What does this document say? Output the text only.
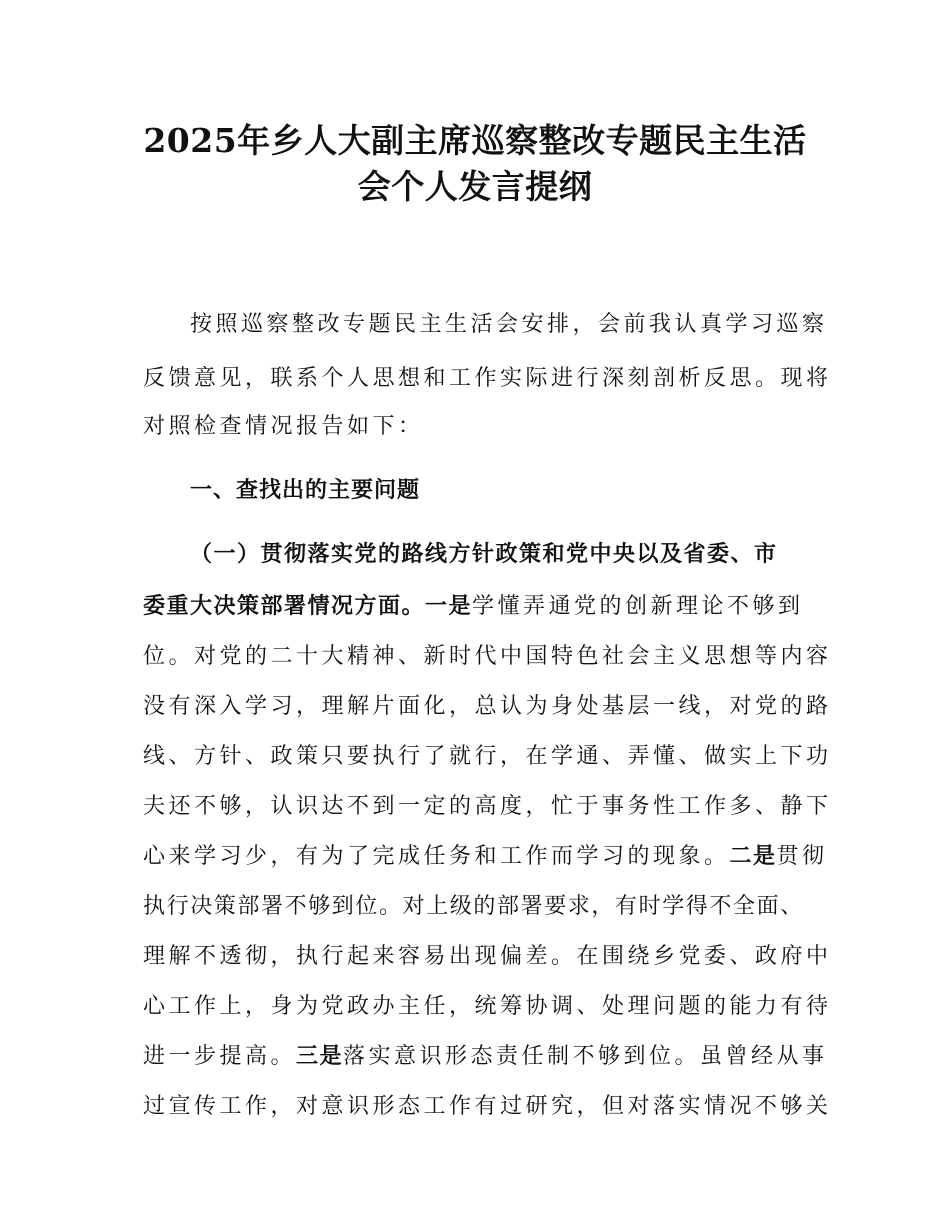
2025年乡人大副主席巡察整改专题民主生活
会个人发言提纲
按照巡察整改专题民主生活会安排，会前我认真学习巡察
反馈意见，联系个人思想和工作实际进行深刻剖析反思。现将
对照检查情况报告如下：
一、查找出的主要问题
（一）贯彻落实党的路线方针政策和党中央以及省委、市
委重大决策部署情况方面。一是学懂弄通党的创新理论不够到
位。对党的二十大精神、新时代中国特色社会主义思想等内容
没有深入学习，理解片面化，总认为身处基层一线，对党的路
线、方针、政策只要执行了就行，在学通、弄懂、做实上下功
夫还不够，认识达不到一定的高度，忙于事务性工作多、静下
心来学习少，有为了完成任务和工作而学习的现象。二是贯彻
执行决策部署不够到位。对上级的部署要求，有时学得不全面、
理解不透彻，执行起来容易出现偏差。在围绕乡党委、政府中
心工作上，身为党政办主任，统筹协调、处理问题的能力有待
进一步提高。三是落实意识形态责任制不够到位。虽曾经从事
过宣传工作，对意识形态工作有过研究，但对落实情况不够关
